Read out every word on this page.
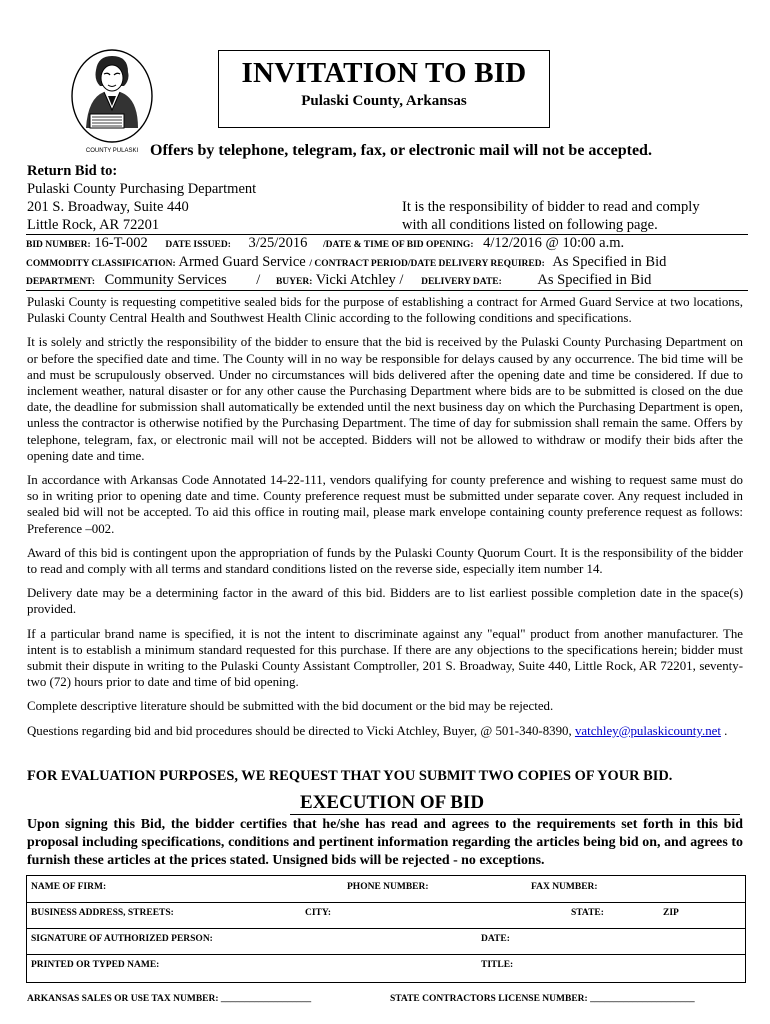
COUNTY PULASKI
INVITATION TO BID
Pulaski County, Arkansas
Offers by telephone, telegram, fax, or electronic mail will not be accepted.
Return Bid to:
Pulaski County Purchasing Department
201 S. Broadway, Suite 440
Little Rock, AR 72201
It is the responsibility of bidder to read and comply
with all conditions listed on following page.
BID NUMBER: 16-T-002 DATE ISSUED: 3/25/2016 /DATE & TIME OF BID OPENING: 4/12/2016 @ 10:00 a.m.
COMMODITY CLASSIFICATION: Armed Guard Service / CONTRACT PERIOD/DATE DELIVERY REQUIRED: As Specified in Bid
DEPARTMENT: Community Services / BUYER: Vicki Atchley / DELIVERY DATE: As Specified in Bid

Pulaski County is requesting competitive sealed bids for the purpose of establishing a contract for Armed Guard Service at two locations, Pulaski County Central Health and Southwest Health Clinic according to the following conditions and specifications.

It is solely and strictly the responsibility of the bidder to ensure that the bid is received by the Pulaski County Purchasing Department on or before the specified date and time. The County will in no way be responsible for delays caused by any occurrence. The bid time will be and must be scrupulously observed. Under no circumstances will bids delivered after the opening date and time be considered. If due to inclement weather, natural disaster or for any other cause the Purchasing Department where bids are to be submitted is closed on the due date, the deadline for submission shall automatically be extended until the next business day on which the Purchasing Department is open, unless the contractor is otherwise notified by the Purchasing Department. The time of day for submission shall remain the same. Offers by telephone, telegram, fax, or electronic mail will not be accepted. Bidders will not be allowed to withdraw or modify their bids after the opening date and time.

In accordance with Arkansas Code Annotated 14-22-111, vendors qualifying for county preference and wishing to request same must do so in writing prior to opening date and time. County preference request must be submitted under separate cover. Any request included in sealed bid will not be accepted. To aid this office in routing mail, please mark envelope containing county preference request as follows: Preference –002.

Award of this bid is contingent upon the appropriation of funds by the Pulaski County Quorum Court. It is the responsibility of the bidder to read and comply with all terms and standard conditions listed on the reverse side, especially item number 14.

Delivery date may be a determining factor in the award of this bid. Bidders are to list earliest possible completion date in the space(s) provided.

If a particular brand name is specified, it is not the intent to discriminate against any "equal" product from another manufacturer. The intent is to establish a minimum standard requested for this purchase. If there are any objections to the specifications herein; bidder must submit their dispute in writing to the Pulaski County Assistant Comptroller, 201 S. Broadway, Suite 440, Little Rock, AR 72201, seventy-two (72) hours prior to date and time of bid opening.

Complete descriptive literature should be submitted with the bid document or the bid may be rejected.

Questions regarding bid and bid procedures should be directed to Vicki Atchley, Buyer, @ 501-340-8390, vatchley@pulaskicounty.net .

FOR EVALUATION PURPOSES, WE REQUEST THAT YOU SUBMIT TWO COPIES OF YOUR BID.
EXECUTION OF BID
Upon signing this Bid, the bidder certifies that he/she has read and agrees to the requirements set forth in this bid proposal including specifications, conditions and pertinent information regarding the articles being bid on, and agrees to furnish these articles at the prices stated. Unsigned bids will be rejected - no exceptions.
NAME OF FIRM:	PHONE NUMBER:	FAX NUMBER:
BUSINESS ADDRESS, STREETS:	CITY:	STATE:	ZIP
SIGNATURE OF AUTHORIZED PERSON:	DATE:
PRINTED OR TYPED NAME:	TITLE:
ARKANSAS SALES OR USE TAX NUMBER: ___________________	STATE CONTRACTORS LICENSE NUMBER: ______________________
